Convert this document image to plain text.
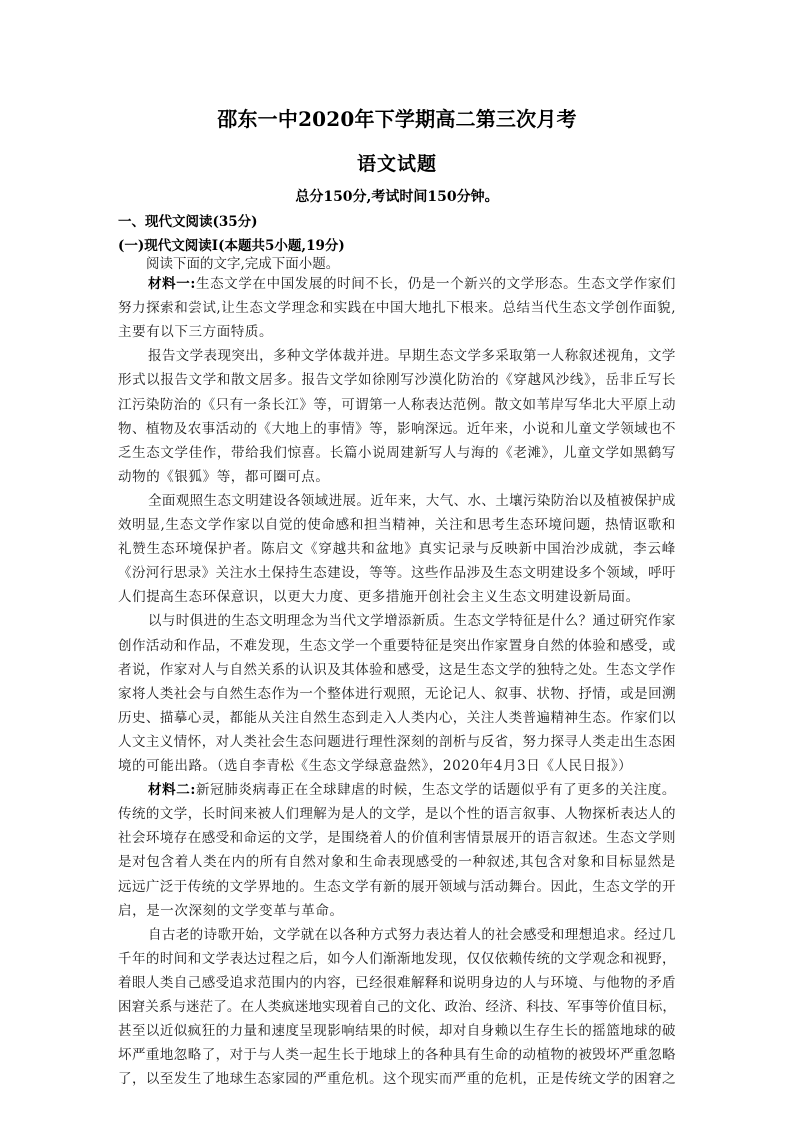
邵东一中2020年下学期高二第三次月考
语文试题
总分150分,考试时间150分钟。
一、现代文阅读(35分)
(一)现代文阅读Ⅰ(本题共5小题,19分)
阅读下面的文字,完成下面小题。
材料一:生态文学在中国发展的时间不长，仍是一个新兴的文学形态。生态文学作家们
努力探索和尝试,让生态文学理念和实践在中国大地扎下根来。总结当代生态文学创作面貌,
主要有以下三方面特质。
报告文学表现突出，多种文学体裁并进。早期生态文学多采取第一人称叙述视角，文学
形式以报告文学和散文居多。报告文学如徐刚写沙漠化防治的《穿越风沙线》，岳非丘写长
江污染防治的《只有一条长江》等，可谓第一人称表达范例。散文如苇岸写华北大平原上动
物、植物及农事活动的《大地上的事情》等，影响深远。近年来，小说和儿童文学领域也不
乏生态文学佳作，带给我们惊喜。长篇小说周建新写人与海的《老滩》，儿童文学如黑鹤写
动物的《银狐》等，都可圈可点。
全面观照生态文明建设各领域进展。近年来，大气、水、土壤污染防治以及植被保护成
效明显,生态文学作家以自觉的使命感和担当精神，关注和思考生态环境问题，热情讴歌和
礼赞生态环境保护者。陈启文《穿越共和盆地》真实记录与反映新中国治沙成就，李云峰
《汾河行思录》关注水土保持生态建设，等等。这些作品涉及生态文明建设多个领域，呼吁
人们提高生态环保意识，以更大力度、更多措施开创社会主义生态文明建设新局面。
以与时俱进的生态文明理念为当代文学增添新质。生态文学特征是什么？通过研究作家
创作活动和作品，不难发现，生态文学一个重要特征是突出作家置身自然的体验和感受，或
者说，作家对人与自然关系的认识及其体验和感受，这是生态文学的独特之处。生态文学作
家将人类社会与自然生态作为一个整体进行观照，无论记人、叙事、状物、抒情，或是回溯
历史、描摹心灵，都能从关注自然生态到走入人类内心，关注人类普遍精神生态。作家们以
人文主义情怀，对人类社会生态问题进行理性深刻的剖析与反省，努力探寻人类走出生态困
境的可能出路。（选自李青松《生态文学绿意盎然》，2020年4月3日《人民日报》）
材料二:新冠肺炎病毒正在全球肆虐的时候，生态文学的话题似乎有了更多的关注度。
传统的文学，长时间来被人们理解为是人的文学，是以个性的语言叙事、人物探析表达人的
社会环境存在感受和命运的文学，是围绕着人的价值利害情景展开的语言叙述。生态文学则
是对包含着人类在内的所有自然对象和生命表现感受的一种叙述,其包含对象和目标显然是
远远广泛于传统的文学界地的。生态文学有新的展开领域与活动舞台。因此，生态文学的开
启，是一次深刻的文学变革与革命。
自古老的诗歌开始，文学就在以各种方式努力表达着人的社会感受和理想追求。经过几
千年的时间和文学表达过程之后，如今人们渐渐地发现，仅仅依赖传统的文学观念和视野，
着眼人类自己感受追求范围内的内容，已经很难解释和说明身边的人与环境、与他物的矛盾
困窘关系与迷茫了。在人类疯迷地实现着自己的文化、政治、经济、科技、军事等价值目标，
甚至以近似疯狂的力量和速度呈现影响结果的时候，却对自身赖以生存生长的摇篮地球的破
坏严重地忽略了，对于与人类一起生长于地球上的各种具有生命的动植物的被毁坏严重忽略
了，以至发生了地球生态家园的严重危机。这个现实而严重的危机，正是传统文学的困窘之
